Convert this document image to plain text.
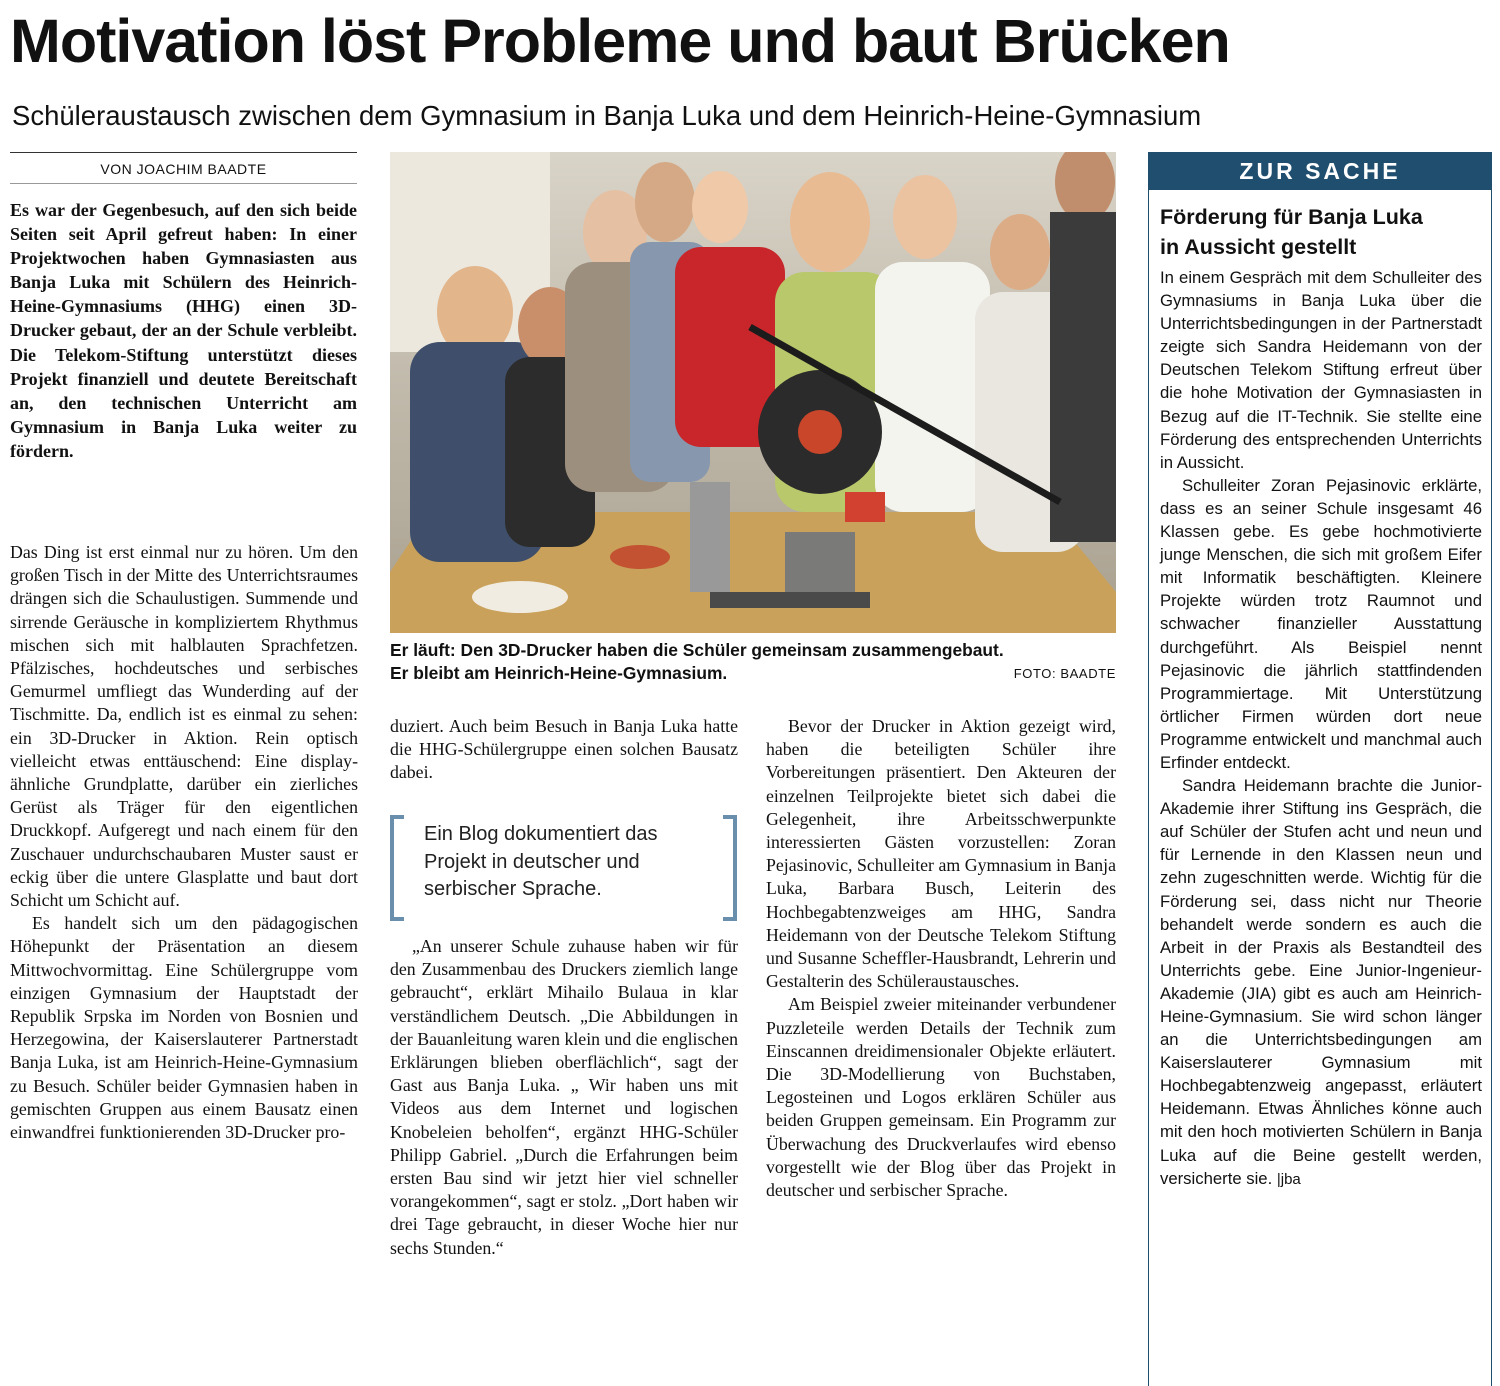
Motivation löst Probleme und baut Brücken
Schüleraustausch zwischen dem Gymnasium in Banja Luka und dem Heinrich-Heine-Gymnasium
VON JOACHIM BAADTE
Es war der Gegenbesuch, auf den sich beide Seiten seit April gefreut haben: In einer Projektwochen haben Gymnasiasten aus Banja Luka mit Schülern des Heinrich-Heine-Gymnasiums (HHG) einen 3D-Drucker gebaut, der an der Schule verbleibt. Die Telekom-Stiftung unterstützt dieses Projekt finanziell und deutete Bereitschaft an, den technischen Unterricht am Gymnasium in Banja Luka weiter zu fördern.

Das Ding ist erst einmal nur zu hören. Um den großen Tisch in der Mitte des Unterrichtsraumes drängen sich die Schaulustigen. Summende und sirrende Geräusche in kompliziertem Rhythmus mischen sich mit halblauten Sprachfetzen. Pfälzisches, hochdeutsches und serbisches Gemurmel umfliegt das Wunderding auf der Tischmitte. Da, endlich ist es einmal zu sehen: ein 3D-Drucker in Aktion. Rein optisch vielleicht etwas enttäuschend: Eine display-ähnliche Grundplatte, darüber ein zierliches Gerüst als Träger für den eigentlichen Druckkopf. Aufgeregt und nach einem für den Zuschauer undurchschaubaren Muster saust er eckig über die untere Glasplatte und baut dort Schicht um Schicht auf.

Es handelt sich um den pädagogischen Höhepunkt der Präsentation an diesem Mittwochvormittag. Eine Schülergruppe vom einzigen Gymnasium der Hauptstadt der Republik Srpska im Norden von Bosnien und Herzegowina, der Kaiserslauterer Partnerstadt Banja Luka, ist am Heinrich-Heine-Gymnasium zu Besuch. Schüler beider Gymnasien haben in gemischten Gruppen aus einem Bausatz einen einwandfrei funktionierenden 3D-Drucker pro-

Er läuft: Den 3D-Drucker haben die Schüler gemeinsam zusammengebaut.
Er bleibt am Heinrich-Heine-Gymnasium.	FOTO: BAADTE

duziert. Auch beim Besuch in Banja Luka hatte die HHG-Schülergruppe einen solchen Bausatz dabei.

Ein Blog dokumentiert das Projekt in deutscher und serbischer Sprache.

„An unserer Schule zuhause haben wir für den Zusammenbau des Druckers ziemlich lange gebraucht“, erklärt Mihailo Bulaua in klar verständlichem Deutsch. „Die Abbildungen in der Bauanleitung waren klein und die englischen Erklärungen blieben oberflächlich“, sagt der Gast aus Banja Luka. „ Wir haben uns mit Videos aus dem Internet und logischen Knobeleien beholfen“, ergänzt HHG-Schüler Philipp Gabriel. „Durch die Erfahrungen beim ersten Bau sind wir jetzt hier viel schneller vorangekommen“, sagt er stolz. „Dort haben wir drei Tage gebraucht, in dieser Woche hier nur sechs Stunden.“

Bevor der Drucker in Aktion gezeigt wird, haben die beteiligten Schüler ihre Vorbereitungen präsentiert. Den Akteuren der einzelnen Teilprojekte bietet sich dabei die Gelegenheit, ihre Arbeitsschwerpunkte interessierten Gästen vorzustellen: Zoran Pejasinovic, Schulleiter am Gymnasium in Banja Luka, Barbara Busch, Leiterin des Hochbegabtenzweiges am HHG, Sandra Heidemann von der Deutsche Telekom Stiftung und Susanne Scheffler-Hausbrandt, Lehrerin und Gestalterin des Schüleraustausches.

Am Beispiel zweier miteinander verbundener Puzzleteile werden Details der Technik zum Einscannen dreidimensionaler Objekte erläutert. Die 3D-Modellierung von Buchstaben, Legosteinen und Logos erklären Schüler aus beiden Gruppen gemeinsam. Ein Programm zur Überwachung des Druckverlaufes wird ebenso vorgestellt wie der Blog über das Projekt in deutscher und serbischer Sprache.

ZUR SACHE
Förderung für Banja Luka
in Aussicht gestellt

In einem Gespräch mit dem Schulleiter des Gymnasiums in Banja Luka über die Unterrichtsbedingungen in der Partnerstadt zeigte sich Sandra Heidemann von der Deutschen Telekom Stiftung erfreut über die hohe Motivation der Gymnasiasten in Bezug auf die IT-Technik. Sie stellte eine Förderung des entsprechenden Unterrichts in Aussicht.

Schulleiter Zoran Pejasinovic erklärte, dass es an seiner Schule insgesamt 46 Klassen gebe. Es gebe hochmotivierte junge Menschen, die sich mit großem Eifer mit Informatik beschäftigten. Kleinere Projekte würden trotz Raumnot und schwacher finanzieller Ausstattung durchgeführt. Als Beispiel nennt Pejasinovic die jährlich stattfindenden Programmiertage. Mit Unterstützung örtlicher Firmen würden dort neue Programme entwickelt und manchmal auch Erfinder entdeckt.

Sandra Heidemann brachte die Junior-Akademie ihrer Stiftung ins Gespräch, die auf Schüler der Stufen acht und neun und für Lernende in den Klassen neun und zehn zugeschnitten werde. Wichtig für die Förderung sei, dass nicht nur Theorie behandelt werde sondern es auch die Arbeit in der Praxis als Bestandteil des Unterrichts gebe. Eine Junior-Ingenieur-Akademie (JIA) gibt es auch am Heinrich-Heine-Gymnasium. Sie wird schon länger an die Unterrichtsbedingungen am Kaiserslauterer Gymnasium mit Hochbegabtenzweig angepasst, erläutert Heidemann. Etwas Ähnliches könne auch mit den hoch motivierten Schülern in Banja Luka auf die Beine gestellt werden, versicherte sie. |jba
